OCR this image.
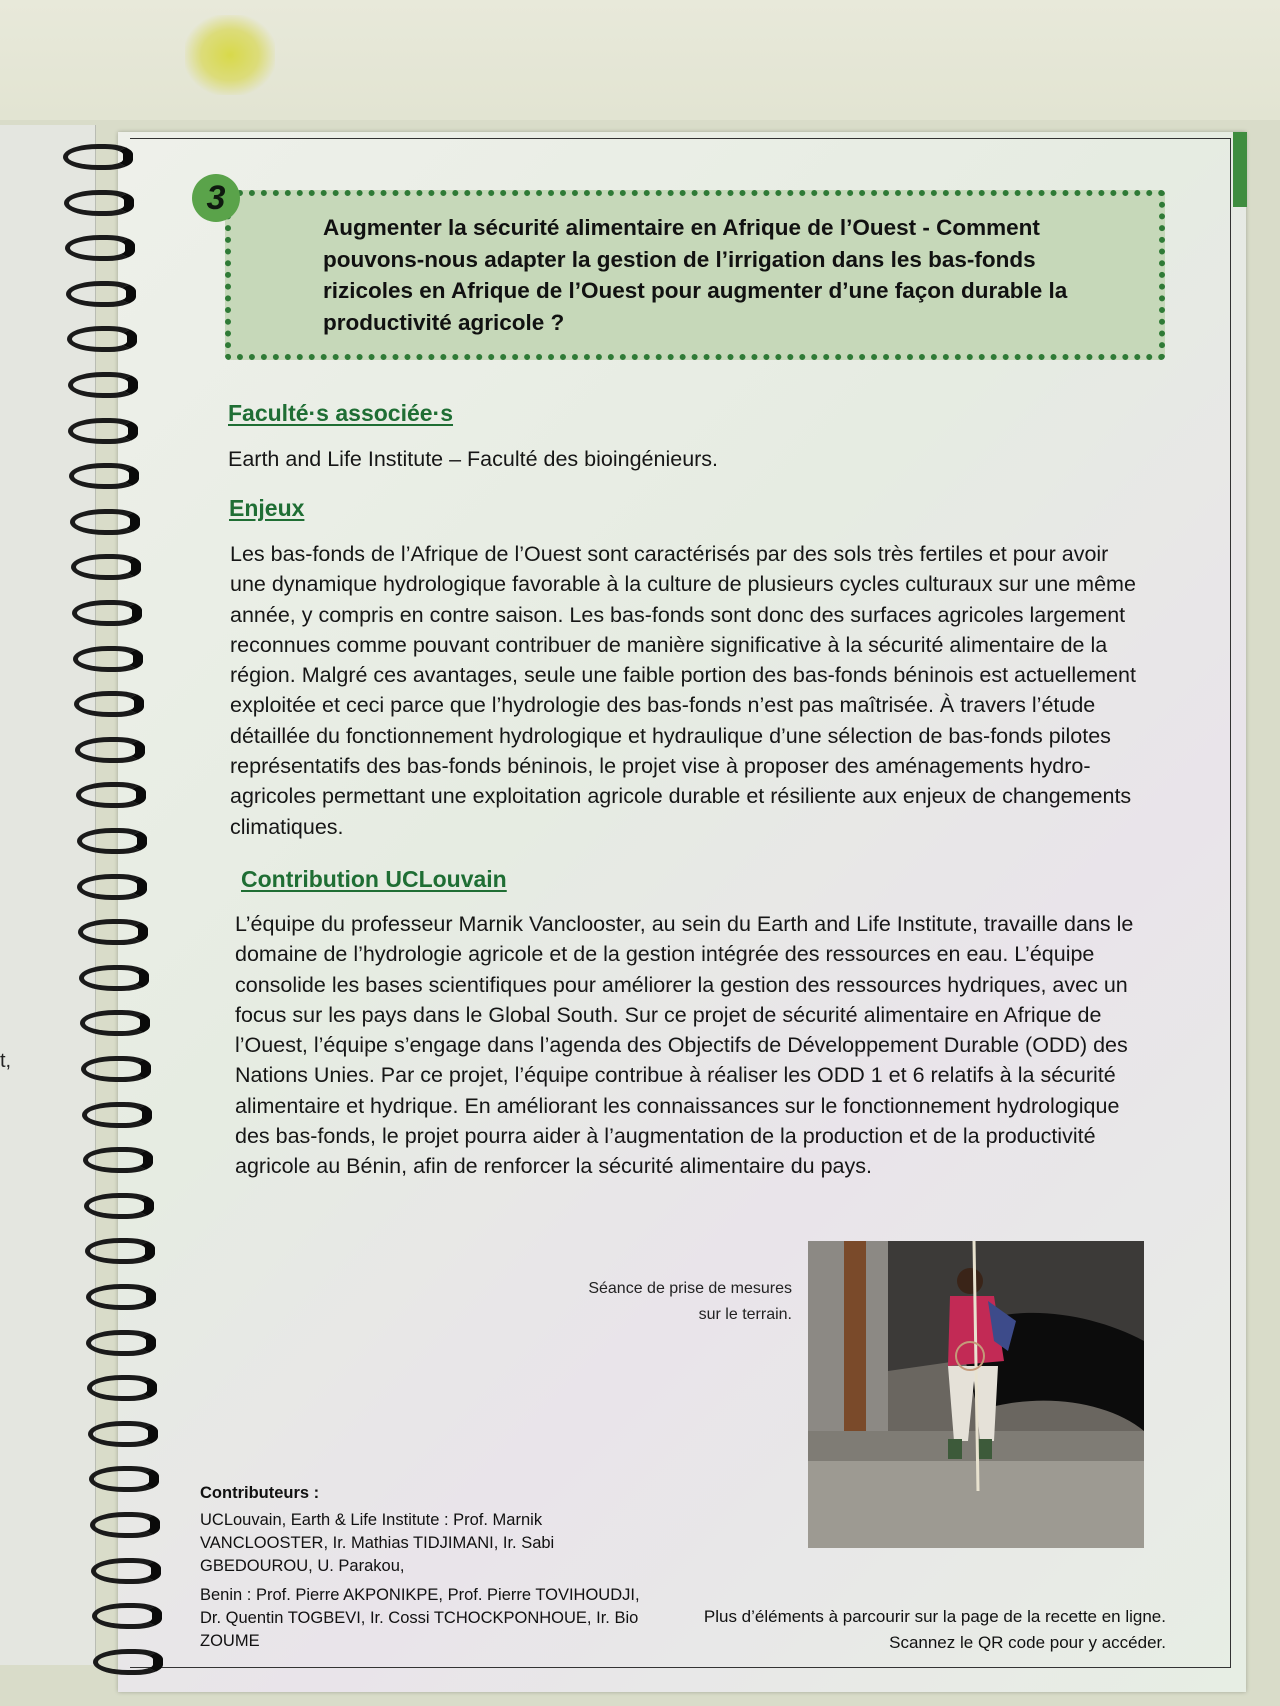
t,
3
Augmenter la sécurité alimentaire en Afrique de l’Ouest - Comment pouvons-nous adapter la gestion de l’irrigation dans les bas-fonds rizicoles en Afrique de l’Ouest pour augmenter d’une façon durable la productivité agricole ?
Faculté·s associée·s
Earth and Life Institute – Faculté des bioingénieurs.
Enjeux
Les bas-fonds de l’Afrique de l’Ouest sont caractérisés par des sols très fertiles et pour avoir une dynamique hydrologique favorable à la culture de plusieurs cycles culturaux sur une même année, y compris en contre saison. Les bas-fonds sont donc des surfaces agricoles largement reconnues comme pouvant contribuer de manière significative à la sécurité alimentaire de la région. Malgré ces avantages, seule une faible portion des bas-fonds béninois est actuellement exploitée et ceci parce que l’hydrologie des bas-fonds n’est pas maîtrisée. À travers l’étude détaillée du fonctionnement hydrologique et hydraulique d’une sélection de bas-fonds pilotes représentatifs des bas-fonds béninois, le projet vise à proposer des aménagements hydro-agricoles permettant une exploitation agricole durable et résiliente aux enjeux de changements climatiques.
Contribution UCLouvain
L’équipe du professeur Marnik Vanclooster, au sein du Earth and Life Institute, travaille dans le domaine de l’hydrologie agricole et de la gestion intégrée des ressources en eau. L’équipe consolide les bases scientifiques pour améliorer la gestion des ressources hydriques, avec un focus sur les pays dans le Global South. Sur ce projet de sécurité alimentaire en Afrique de l’Ouest, l’équipe s’engage dans l’agenda des Objectifs de Développement Durable (ODD) des Nations Unies. Par ce projet, l’équipe contribue à réaliser les ODD 1 et 6 relatifs à la sécurité alimentaire et hydrique. En améliorant les connaissances sur le fonctionnement hydrologique des bas-fonds, le projet pourra aider à l’augmentation de la production et de la productivité agricole au Bénin, afin de renforcer la sécurité alimentaire du pays.
Séance de prise de mesures sur le terrain.
Contributeurs :
UCLouvain, Earth & Life Institute : Prof. Marnik VANCLOOSTER, Ir. Mathias TIDJIMANI, Ir. Sabi GBEDOUROU, U. Parakou,
Benin : Prof. Pierre AKPONIKPE, Prof. Pierre TOVIHOUDJI, Dr. Quentin TOGBEVI, Ir. Cossi TCHOCKPONHOUE, Ir. Bio ZOUME
Plus d’éléments à parcourir sur la page de la recette en ligne. Scannez le QR code pour y accéder.
